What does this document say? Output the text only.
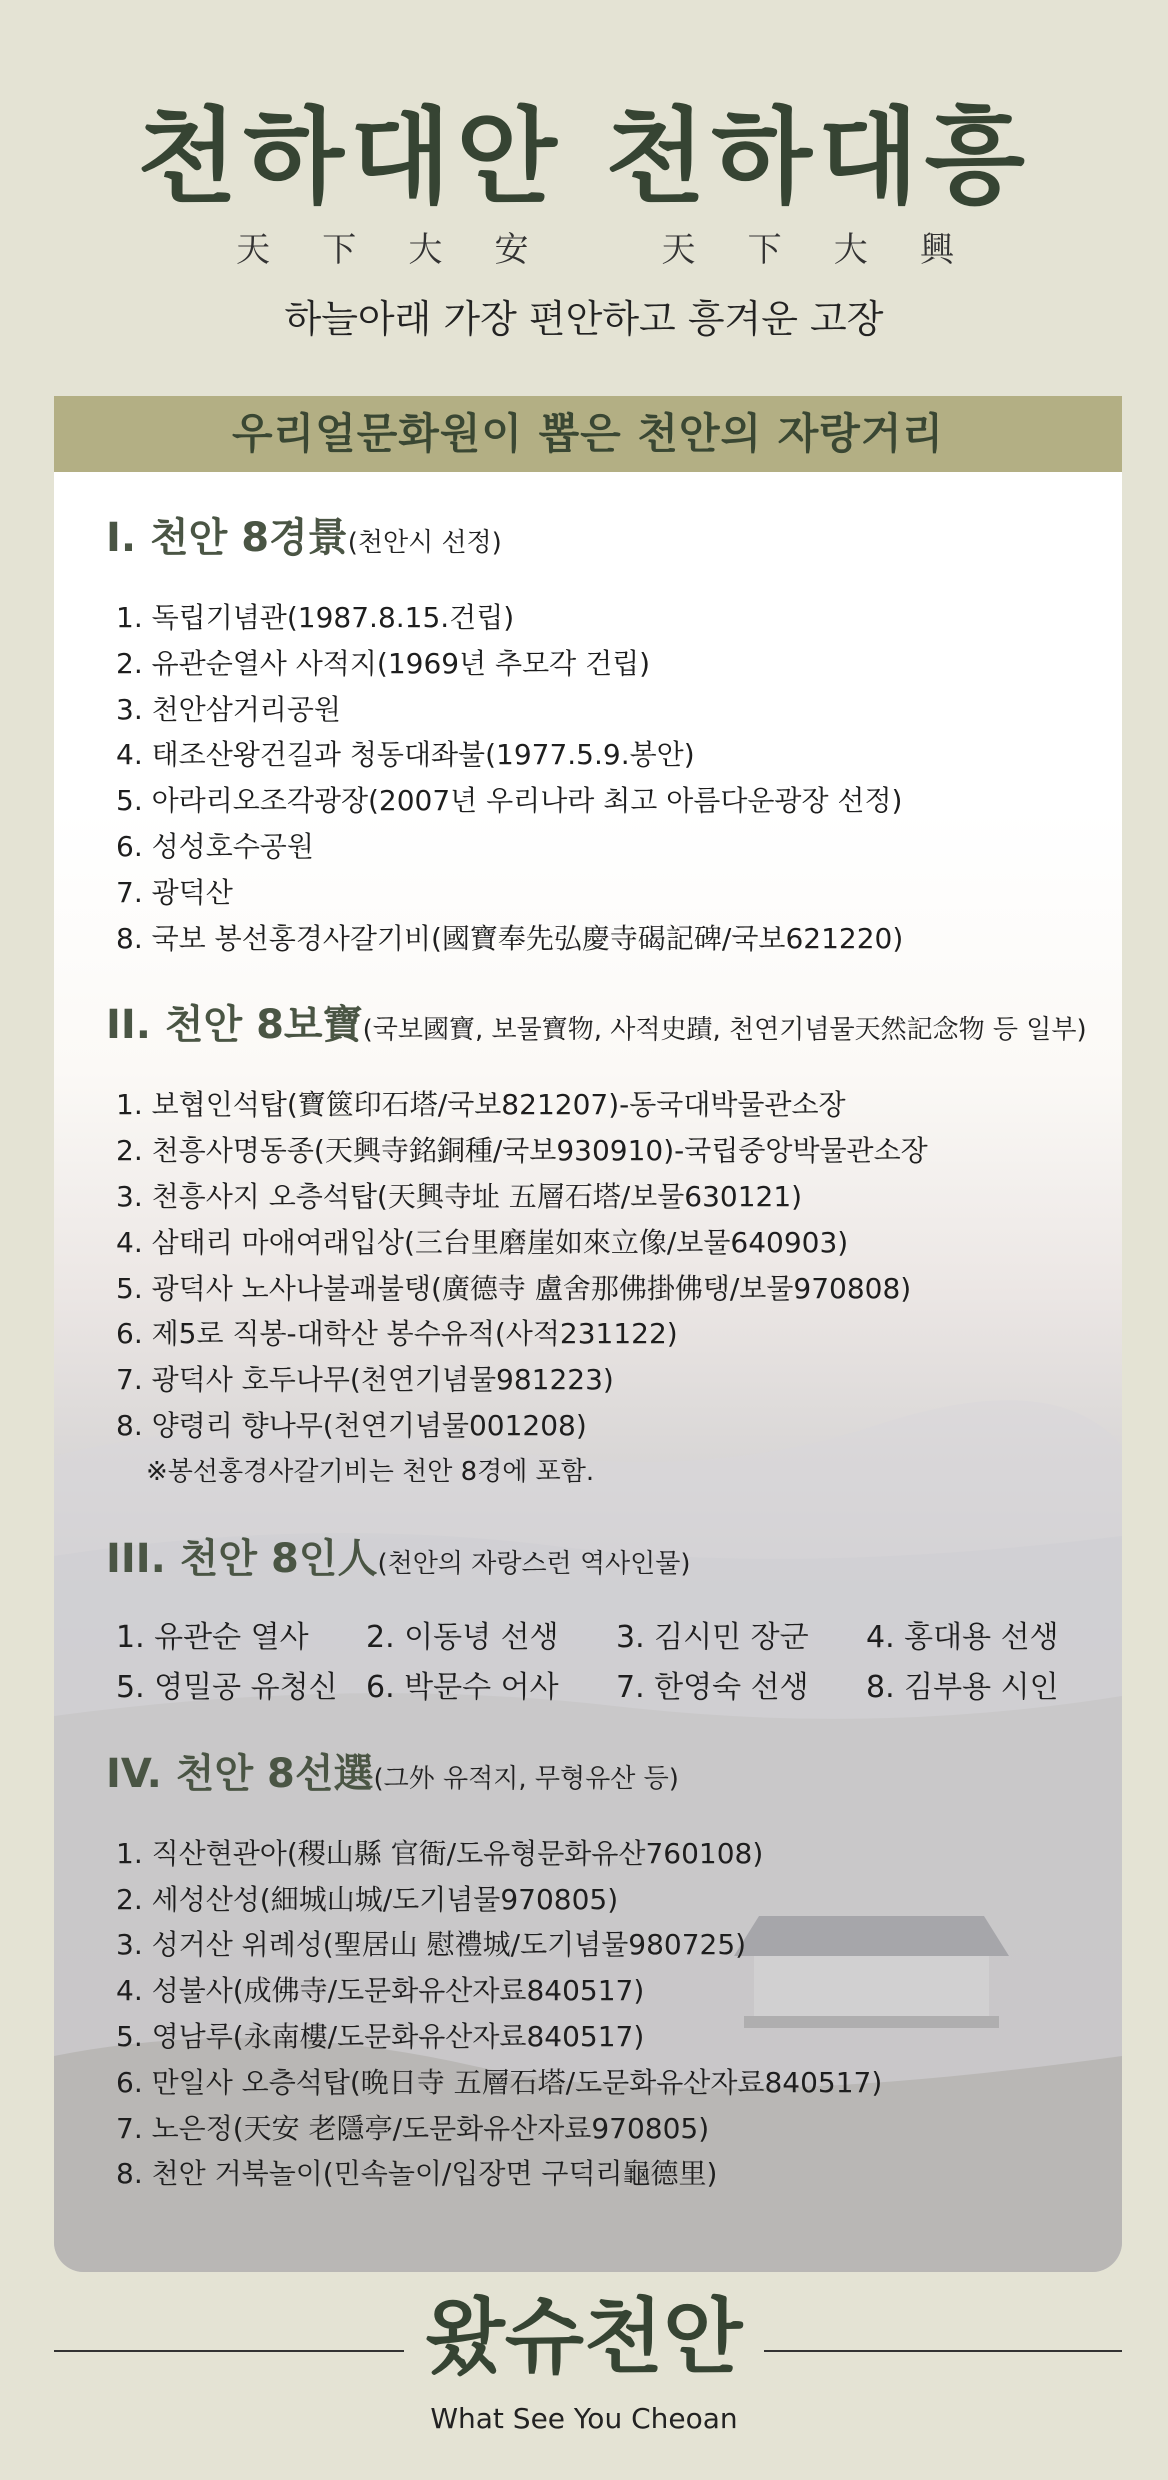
천하대안 천하대흥
天	下	大	安	天	下	大	興

하늘아래 가장 편안하고 흥겨운 고장

우리얼문화원이 뽑은 천안의 자랑거리
Ⅰ. 천안 8경景(천안시 선정)
1. 독립기념관(1987.8.15.건립)
2. 유관순열사 사적지(1969년 추모각 건립)
3. 천안삼거리공원
4. 태조산왕건길과 청동대좌불(1977.5.9.봉안)
5. 아라리오조각광장(2007년 우리나라 최고 아름다운광장 선정)
6. 성성호수공원
7. 광덕산
8. 국보 봉선홍경사갈기비(國寶奉先弘慶寺碣記碑/국보621220)
II. 천안 8보寶(국보國寶, 보물寶物, 사적史蹟, 천연기념물天然記念物 등 일부)
1. 보협인석탑(寶篋印石塔/국보821207)-동국대박물관소장
2. 천흥사명동종(天興寺銘銅種/국보930910)-국립중앙박물관소장
3. 천흥사지 오층석탑(天興寺址 五層石塔/보물630121)
4. 삼태리 마애여래입상(三台里磨崖如來立像/보물640903)
5. 광덕사 노사나불괘불탱(廣德寺 盧舍那佛掛佛탱/보물970808)
6. 제5로 직봉-대학산 봉수유적(사적231122)
7. 광덕사 호두나무(천연기념물981223)
8. 양령리 향나무(천연기념물001208)
※봉선홍경사갈기비는 천안 8경에 포함.
III. 천안 8인人(천안의 자랑스런 역사인물)
1. 유관순 열사	2. 이동녕 선생	3. 김시민 장군	4. 홍대용 선생
5. 영밀공 유청신 6. 박문수 어사	7. 한영숙 선생	8. 김부용 시인
IV. 천안 8선選(그外 유적지, 무형유산 등)
1. 직산현관아(稷山縣 官衙/도유형문화유산760108)
2. 세성산성(細城山城/도기념물970805)
3. 성거산 위례성(聖居山 慰禮城/도기념물980725)
4. 성불사(成佛寺/도문화유산자료840517)
5. 영남루(永南樓/도문화유산자료840517)
6. 만일사 오층석탑(晩日寺 五層石塔/도문화유산자료840517)
7. 노은정(天安 老隱亭/도문화유산자료970805)
8. 천안 거북놀이(민속놀이/입장면 구덕리龜德里)
왔슈천안
What See You Cheoan
